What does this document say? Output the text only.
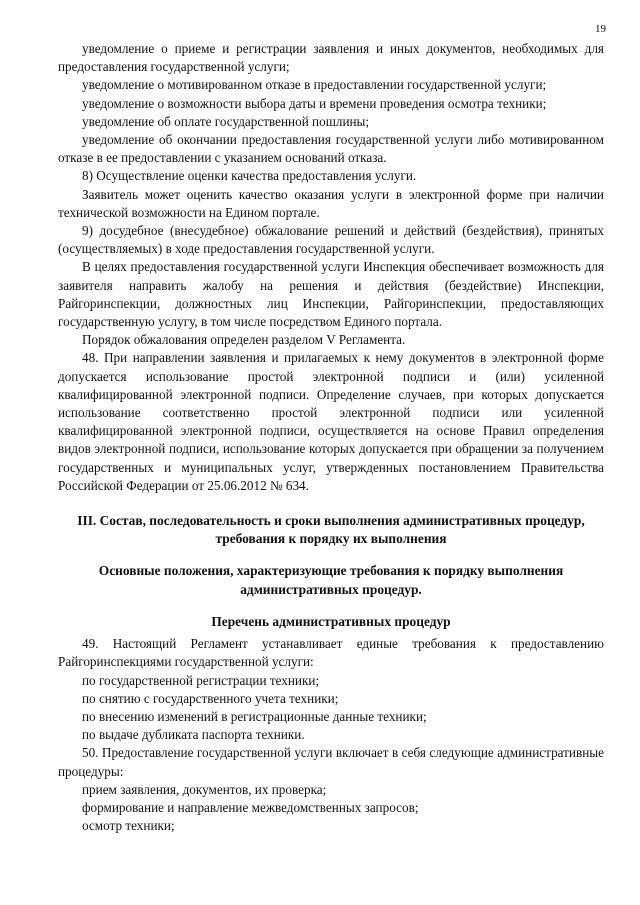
19

уведомление о приеме и регистрации заявления и иных документов, необходимых для предоставления государственной услуги;

уведомление о мотивированном отказе в предоставлении государственной услуги;

уведомление о возможности выбора даты и времени проведения осмотра техники;

уведомление об оплате государственной пошлины;

уведомление об окончании предоставления государственной услуги либо мотивированном отказе в ее предоставлении с указанием оснований отказа.

8) Осуществление оценки качества предоставления услуги.

Заявитель может оценить качество оказания услуги в электронной форме при наличии технической возможности на Едином портале.

9) досудебное (внесудебное) обжалование решений и действий (бездействия), принятых (осуществляемых) в ходе предоставления государственной услуги.

В целях предоставления государственной услуги Инспекция обеспечивает возможность для заявителя направить жалобу на решения и действия (бездействие) Инспекции, Райгоринспекции, должностных лиц Инспекции, Райгоринспекции, предоставляющих государственную услугу, в том числе посредством Единого портала.

Порядок обжалования определен разделом V Регламента.

48. При направлении заявления и прилагаемых к нему документов в электронной форме допускается использование простой электронной подписи и (или) усиленной квалифицированной электронной подписи. Определение случаев, при которых допускается использование соответственно простой электронной подписи или усиленной квалифицированной электронной подписи, осуществляется на основе Правил определения видов электронной подписи, использование которых допускается при обращении за получением государственных и муниципальных услуг, утвержденных постановлением Правительства Российской Федерации от 25.06.2012 № 634.

III. Состав, последовательность и сроки выполнения административных процедур, требования к порядку их выполнения

Основные положения, характеризующие требования к порядку выполнения административных процедур.

Перечень административных процедур

49. Настоящий Регламент устанавливает единые требования к предоставлению Райгоринспекциями государственной услуги:

по государственной регистрации техники;

по снятию с государственного учета техники;

по внесению изменений в регистрационные данные техники;

по выдаче дубликата паспорта техники.

50. Предоставление государственной услуги включает в себя следующие административные процедуры:

прием заявления, документов, их проверка;

формирование и направление межведомственных запросов;

осмотр техники;
